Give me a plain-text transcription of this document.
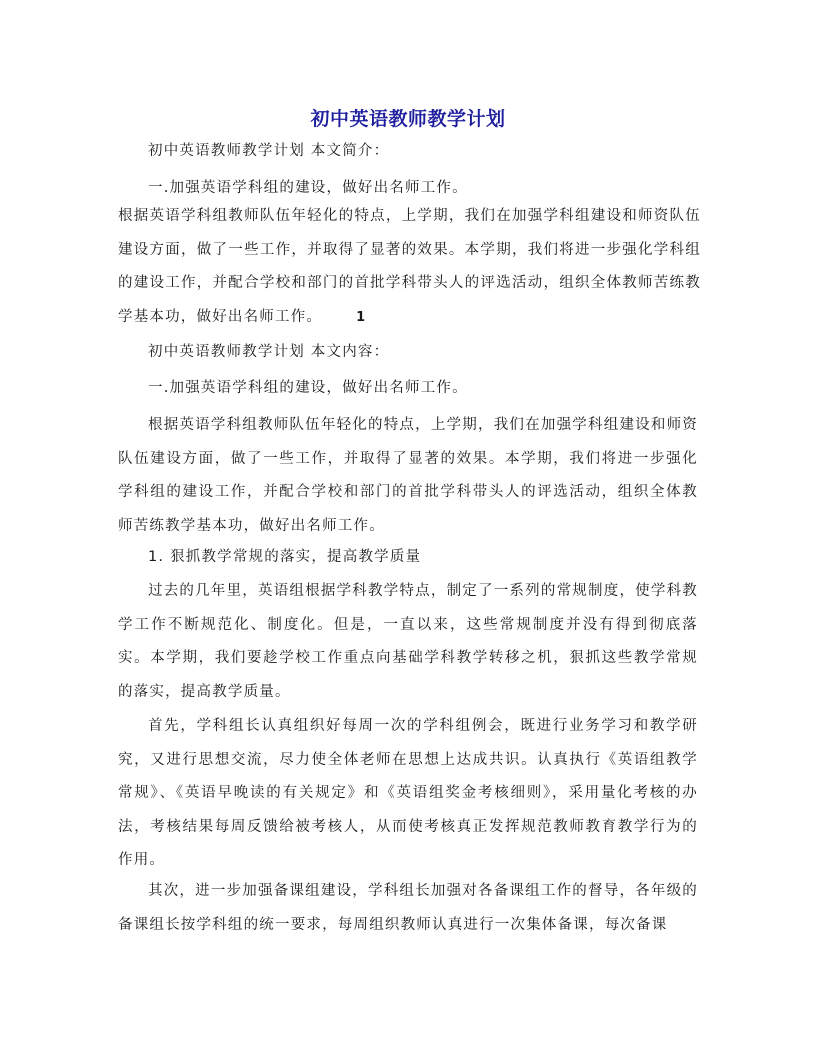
初中英语教师教学计划
初中英语教师教学计划 本文简介：
一.加强英语学科组的建设，做好出名师工作。
根据英语学科组教师队伍年轻化的特点，上学期，我们在加强学科组建设和师资队伍建设方面，做了一些工作，并取得了显著的效果。本学期，我们将进一步强化学科组的建设工作，并配合学校和部门的首批学科带头人的评选活动，组织全体教师苦练教学基本功，做好出名师工作。	1
初中英语教师教学计划 本文内容：
一.加强英语学科组的建设，做好出名师工作。
根据英语学科组教师队伍年轻化的特点，上学期，我们在加强学科组建设和师资队伍建设方面，做了一些工作，并取得了显著的效果。本学期，我们将进一步强化学科组的建设工作，并配合学校和部门的首批学科带头人的评选活动，组织全体教师苦练教学基本功，做好出名师工作。
1. 狠抓教学常规的落实，提高教学质量
过去的几年里，英语组根据学科教学特点，制定了一系列的常规制度，使学科教学工作不断规范化、制度化。但是，一直以来，这些常规制度并没有得到彻底落实。本学期，我们要趁学校工作重点向基础学科教学转移之机，狠抓这些教学常规的落实，提高教学质量。
首先，学科组长认真组织好每周一次的学科组例会，既进行业务学习和教学研究，又进行思想交流，尽力使全体老师在思想上达成共识。认真执行《英语组教学常规》、《英语早晚读的有关规定》和《英语组奖金考核细则》，采用量化考核的办法，考核结果每周反馈给被考核人，从而使考核真正发挥规范教师教育教学行为的作用。
其次，进一步加强备课组建设，学科组长加强对各备课组工作的督导，各年级的备课组长按学科组的统一要求，每周组织教师认真进行一次集体备课，每次备课
